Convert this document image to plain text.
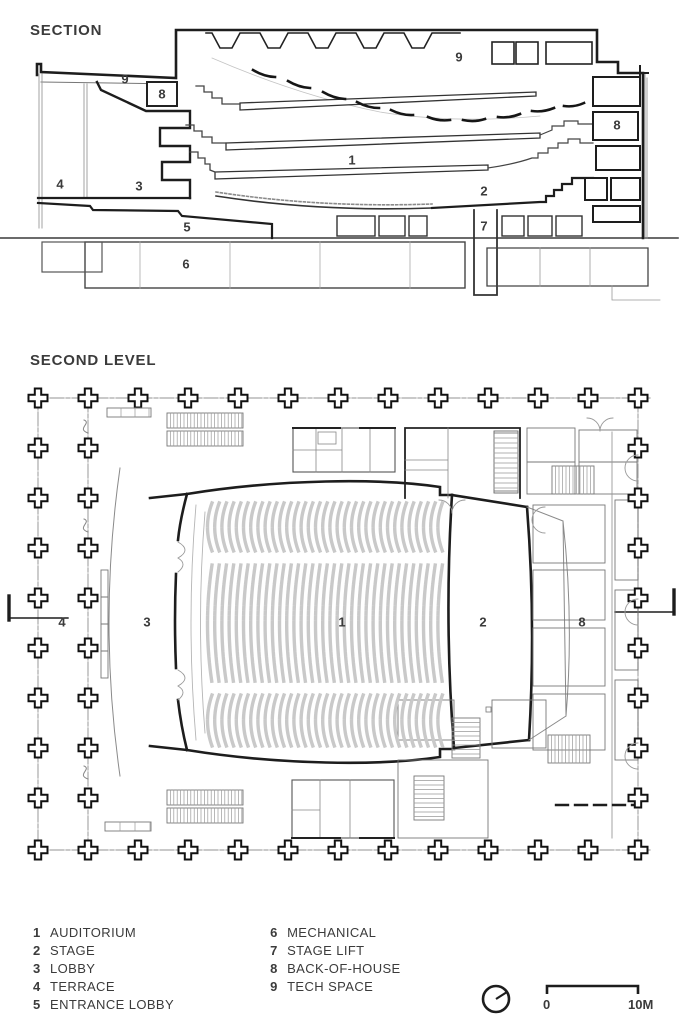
SECTION
SECOND LEVEL
9
8
9
8
1
2
4	3
5	7
6
4	3	1	2	8
1 AUDITORIUM
2 STAGE
3 LOBBY
4 TERRACE
5 ENTRANCE LOBBY
6 MECHANICAL
7 STAGE LIFT
8 BACK-OF-HOUSE
9 TECH SPACE
0	10M
